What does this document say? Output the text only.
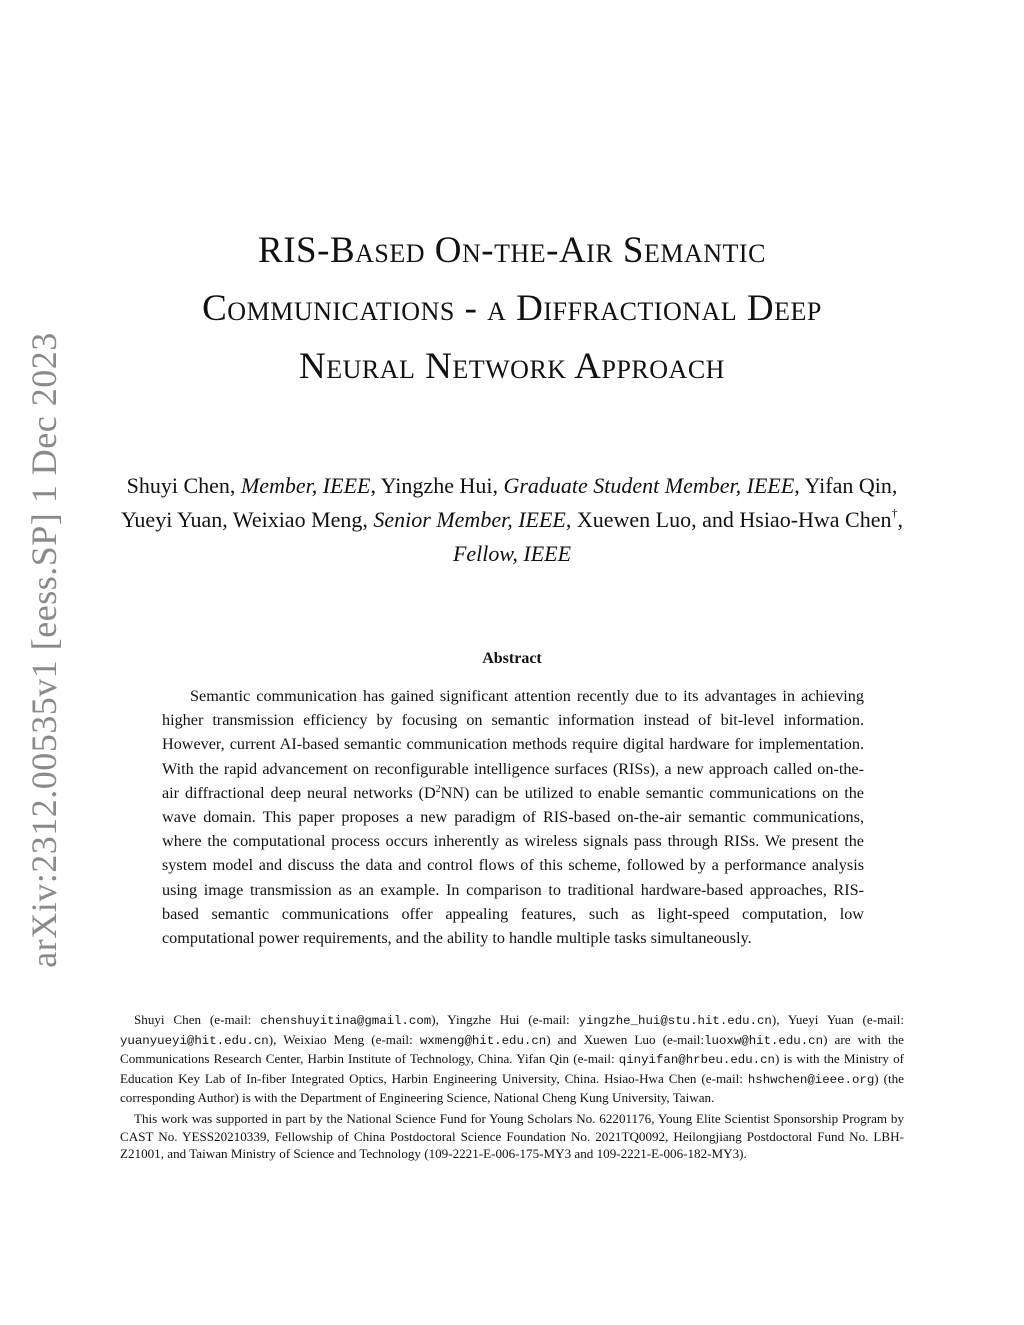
arXiv:2312.00535v1 [eess.SP] 1 Dec 2023
RIS-Based On-the-Air Semantic
Communications - a Diffractional Deep
Neural Network Approach
Shuyi Chen, Member, IEEE, Yingzhe Hui, Graduate Student Member, IEEE, Yifan Qin, Yueyi Yuan, Weixiao Meng, Senior Member, IEEE, Xuewen Luo, and Hsiao-Hwa Chen†, Fellow, IEEE
Abstract

Semantic communication has gained significant attention recently due to its advantages in achieving higher transmission efficiency by focusing on semantic information instead of bit-level information. However, current AI-based semantic communication methods require digital hardware for implementation. With the rapid advancement on reconfigurable intelligence surfaces (RISs), a new approach called on-the-air diffractional deep neural networks $(D^2NN)$ can be utilized to enable semantic communications on the wave domain. This paper proposes a new paradigm of RIS-based on-the-air semantic communications, where the computational process occurs inherently as wireless signals pass through RISs. We present the system model and discuss the data and control flows of this scheme, followed by a performance analysis using image transmission as an example. In comparison to traditional hardware-based approaches, RIS-based semantic communications offer appealing features, such as light-speed computation, low computational power requirements, and the ability to handle multiple tasks simultaneously.

Shuyi Chen (e-mail: chenshuyitina@gmail.com), Yingzhe Hui (e-mail: yingzhe_hui@stu.hit.edu.cn), Yueyi Yuan (e-mail: yuanyueyi@hit.edu.cn), Weixiao Meng (e-mail: wxmeng@hit.edu.cn) and Xuewen Luo (e-mail:luoxw@hit.edu.cn) are with the Communications Research Center, Harbin Institute of Technology, China. Yifan Qin (e-mail: qinyifan@hrbeu.edu.cn) is with the Ministry of Education Key Lab of In-fiber Integrated Optics, Harbin Engineering University, China. Hsiao-Hwa Chen (e-mail: hshwchen@ieee.org) (the corresponding Author) is with the Department of Engineering Science, National Cheng Kung University, Taiwan.

This work was supported in part by the National Science Fund for Young Scholars No. 62201176, Young Elite Scientist Sponsorship Program by CAST No. YESS20210339, Fellowship of China Postdoctoral Science Foundation No. 2021TQ0092, Heilongjiang Postdoctoral Fund No. LBH-Z21001, and Taiwan Ministry of Science and Technology (109-2221-E-006-175-MY3 and 109-2221-E-006-182-MY3).
